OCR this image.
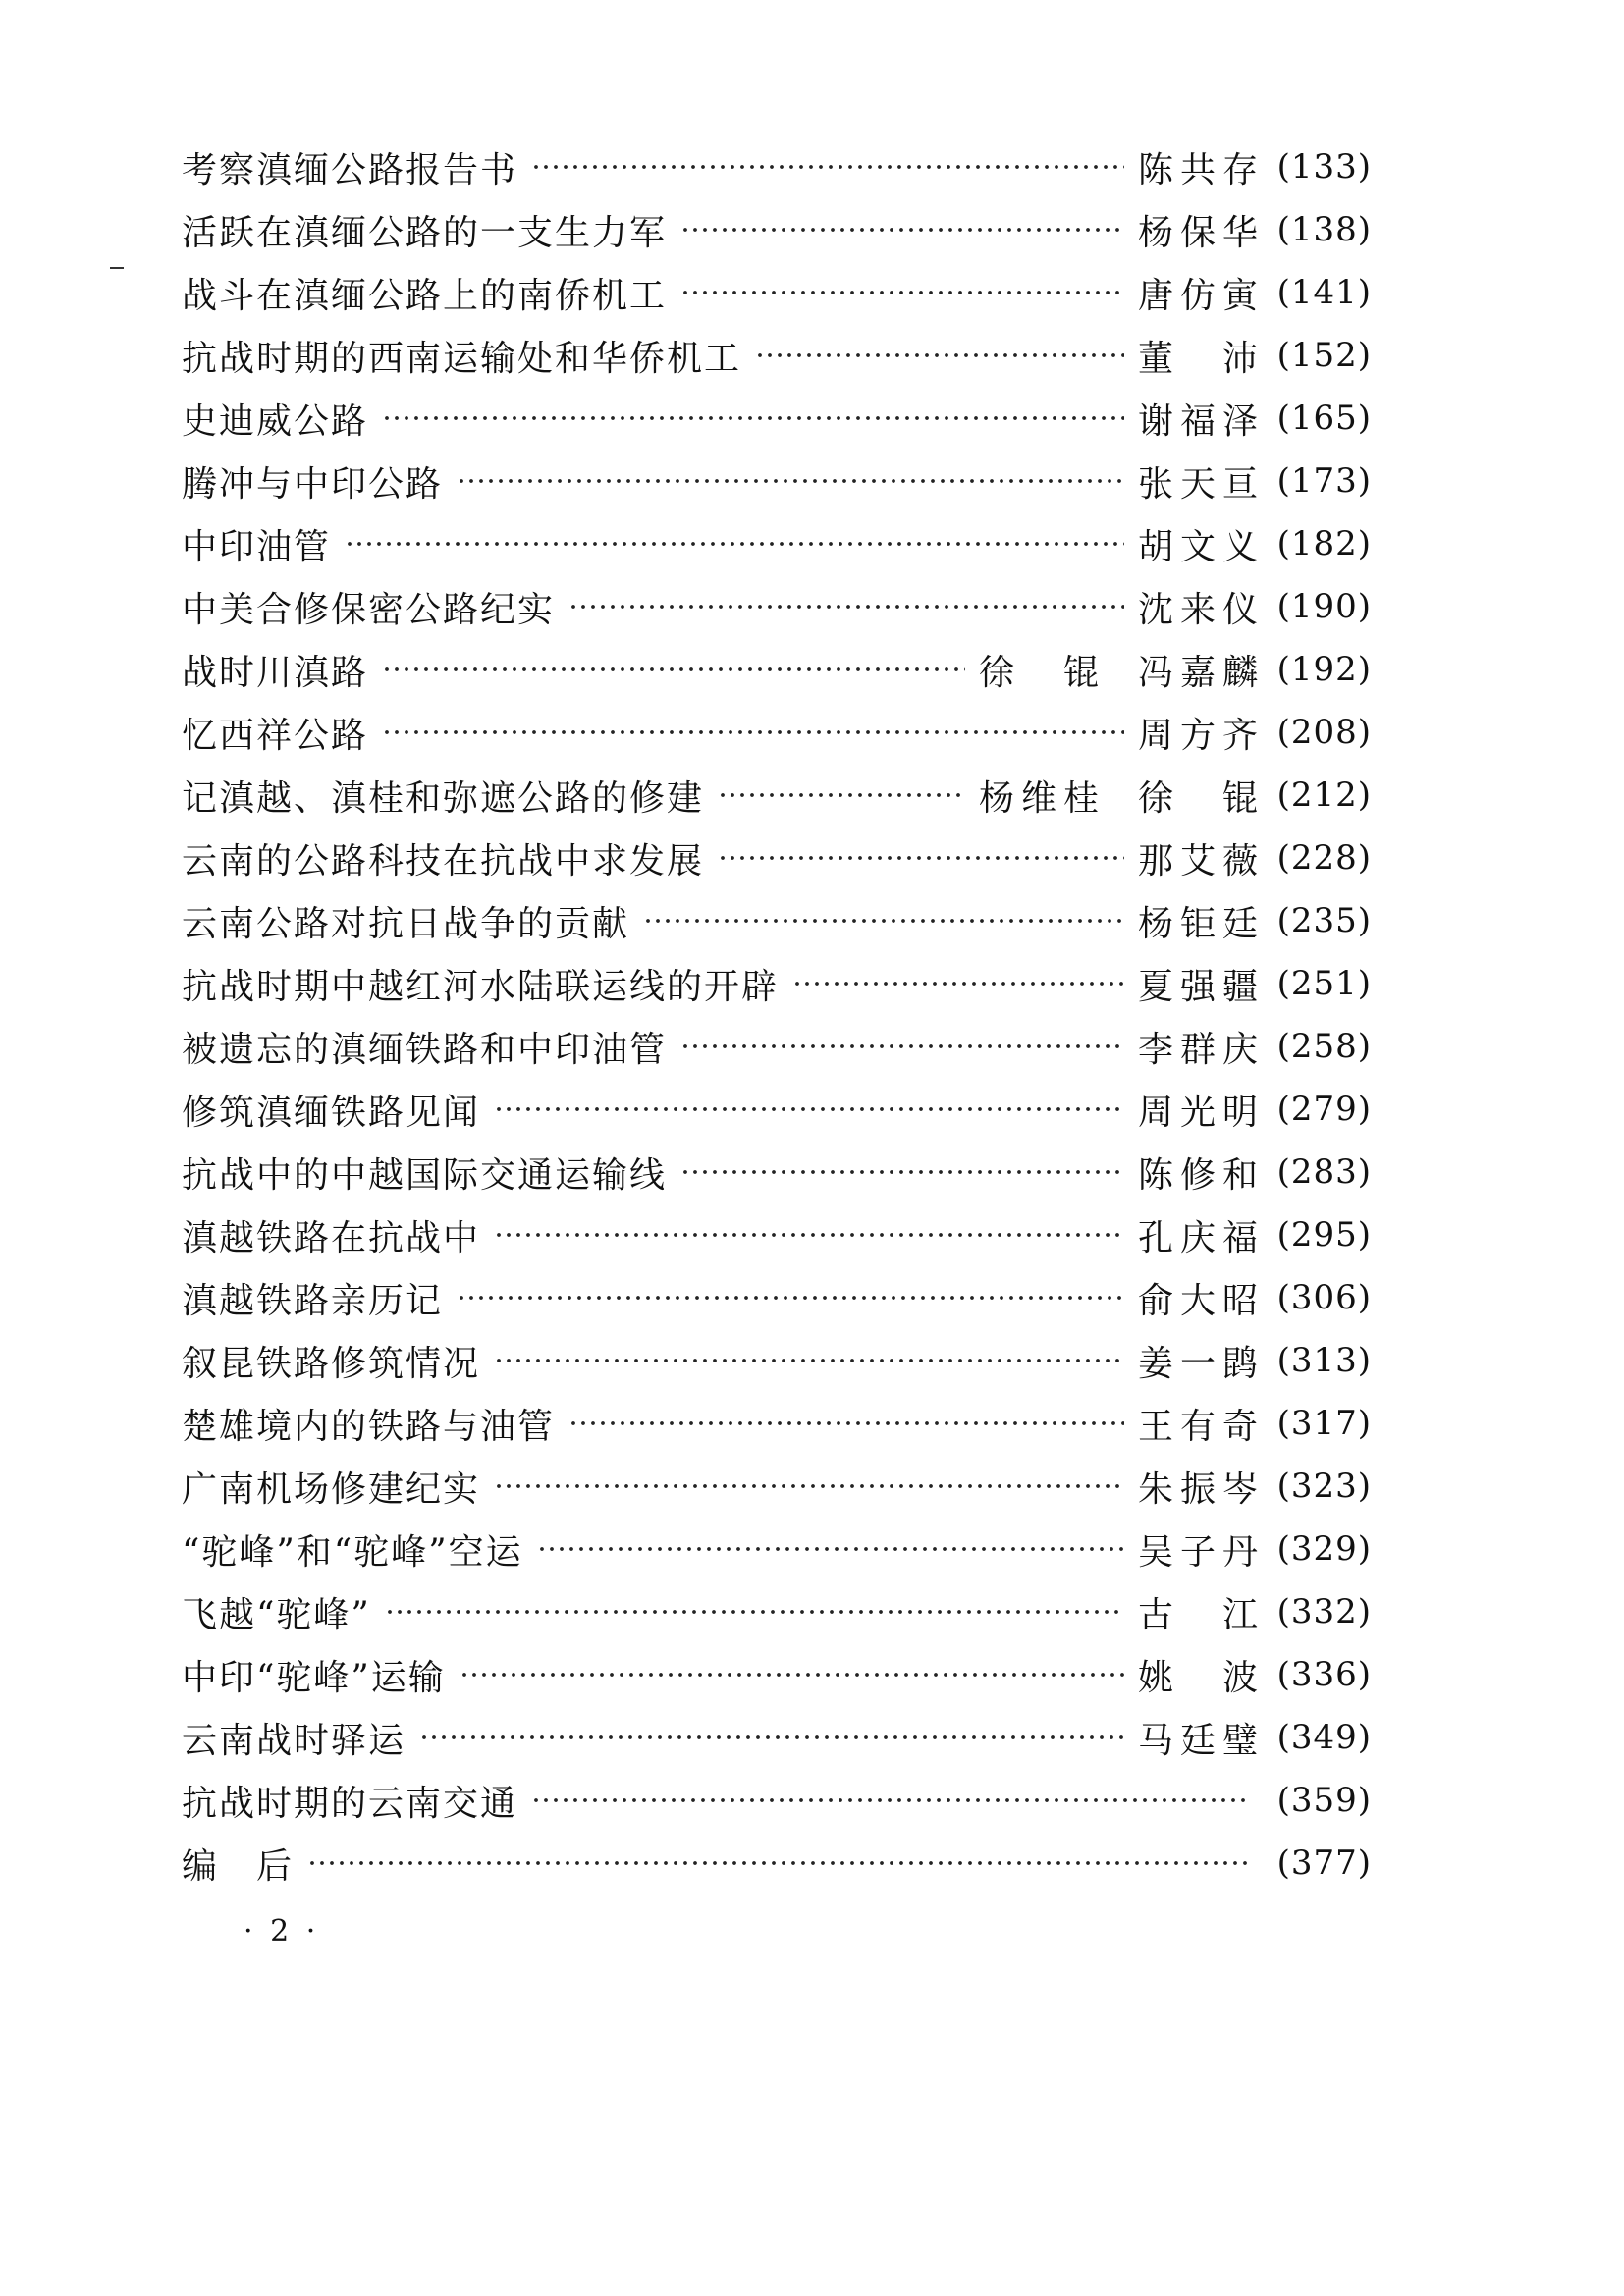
考察滇缅公路报告书	陈共存 (133)
活跃在滇缅公路的一支生力军	杨保华 (138)
战斗在滇缅公路上的南侨机工	唐仿寅 (141)
抗战时期的西南运输处和华侨机工	董　沛 (152)
史迪威公路	谢福泽 (165)
腾冲与中印公路	张天亘 (173)
中印油管	胡文义 (182)
中美合修保密公路纪实	沈来仪 (190)
战时川滇路	徐　锟 冯嘉麟 (192)
忆西祥公路	周方齐 (208)
记滇越、滇桂和弥遮公路的修建	杨维桂 徐　锟 (212)
云南的公路科技在抗战中求发展	那艾薇 (228)
云南公路对抗日战争的贡献	杨钜廷 (235)
抗战时期中越红河水陆联运线的开辟	夏强疆 (251)
被遗忘的滇缅铁路和中印油管	李群庆 (258)
修筑滇缅铁路见闻	周光明 (279)
抗战中的中越国际交通运输线	陈修和 (283)
滇越铁路在抗战中	孔庆福 (295)
滇越铁路亲历记	俞大昭 (306)
叙昆铁路修筑情况	姜一鹍 (313)
楚雄境内的铁路与油管	王有奇 (317)
广南机场修建纪实	朱振岑 (323)
“驼峰”和“驼峰”空运	吴子丹 (329)
飞越“驼峰”	古　江 (332)
中印“驼峰”运输	姚　波 (336)
云南战时驿运	马廷璧 (349)
抗战时期的云南交通	(359)
编　后	(377)
· 2 ·
